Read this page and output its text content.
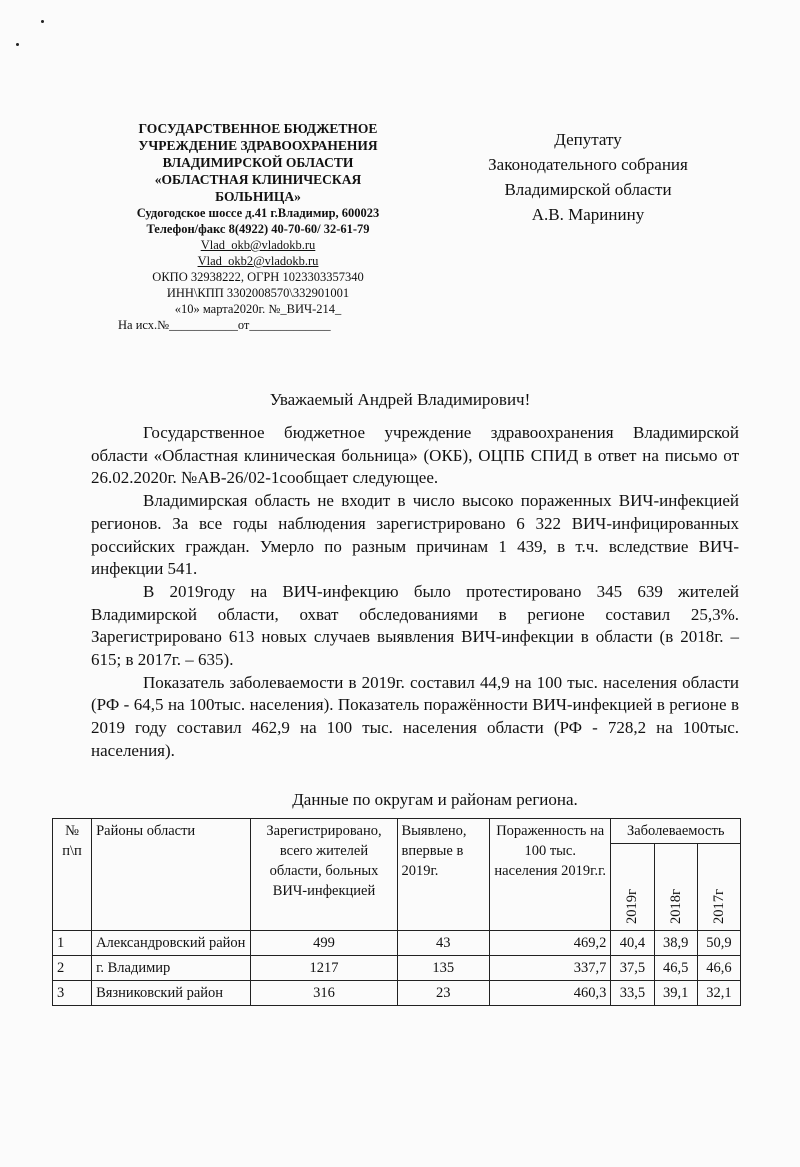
ГОСУДАРСТВЕННОЕ БЮДЖЕТНОЕ
УЧРЕЖДЕНИЕ ЗДРАВООХРАНЕНИЯ
ВЛАДИМИРСКОЙ ОБЛАСТИ
«ОБЛАСТНАЯ КЛИНИЧЕСКАЯ
БОЛЬНИЦА»
Судогодское шоссе д.41 г.Владимир, 600023
Телефон/факс 8(4922) 40-70-60/ 32-61-79
Vlad_okb@vladokb.ru
Vlad_okb2@vladokb.ru
ОКПО 32938222, ОГРН 1023303357340
ИНН\КПП 3302008570\332901001
«10» марта2020г. №_ВИЧ-214_
На исх.№___________от_____________
Депутату
Законодательного собрания
Владимирской области
А.В. Маринину
Уважаемый Андрей Владимирович!

Государственное бюджетное учреждение здравоохранения Владимирской области «Областная клиническая больница» (ОКБ), ОЦПБ СПИД в ответ на письмо от 26.02.2020г. №АВ-26/02-1сообщает следующее.

Владимирская область не входит в число высоко пораженных ВИЧ-инфекцией регионов. За все годы наблюдения зарегистрировано 6 322 ВИЧ-инфицированных российских граждан. Умерло по разным причинам 1 439, в т.ч. вследствие ВИЧ-инфекции 541.

В 2019году на ВИЧ-инфекцию было протестировано 345 639 жителей Владимирской области, охват обследованиями в регионе составил 25,3%. Зарегистрировано 613 новых случаев выявления ВИЧ-инфекции в области (в 2018г. – 615; в 2017г. – 635).

Показатель заболеваемости в 2019г. составил 44,9 на 100 тыс. населения области (РФ - 64,5 на 100тыс. населения). Показатель поражённости ВИЧ-инфекцией в регионе в 2019 году составил 462,9 на 100 тыс. населения области (РФ - 728,2 на 100тыс. населения).

Данные по округам и районам региона.
№ п\п	Районы области	Зарегистрировано, всего жителей области, больных ВИЧ-инфекцией	Выявлено, впервые в 2019г.	Пораженность на 100 тыс. населения 2019г.г.	Заболеваемость		

					2019г	2018г	2017г

1	Александровский район	499	43	469,2	40,4	38,9	50,9
2	г. Владимир	1217	135	337,7	37,5	46,5	46,6
3	Вязниковский район	316	23	460,3	33,5	39,1	32,1
